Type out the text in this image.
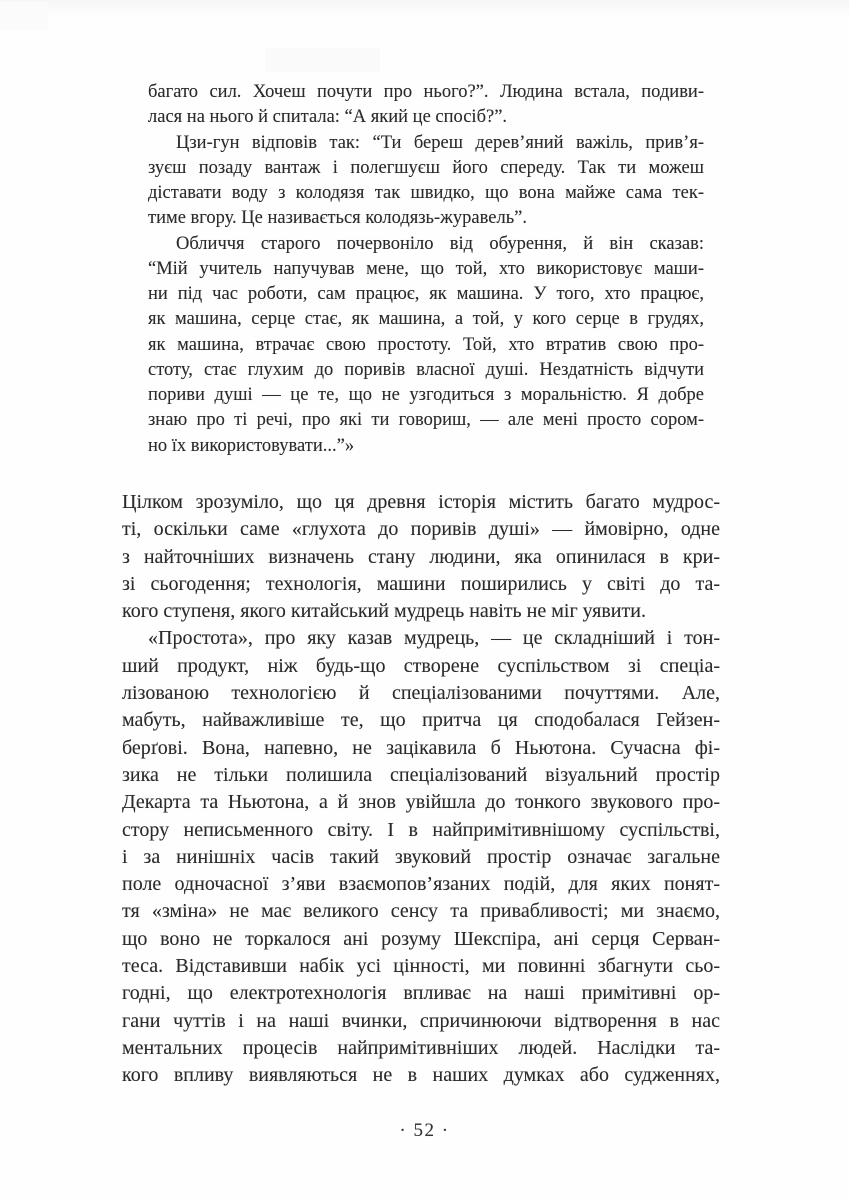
багато сил. Хочеш почути про нього?”. Людина встала, подиви-
лася на нього й спитала: “А який це спосіб?”.
Цзи-гун відповів так: “Ти береш дерев’яний важіль, прив’я-
зуєш позаду вантаж і полегшуєш його спереду. Так ти можеш
діставати воду з колодязя так швидко, що вона майже сама тек-
тиме вгору. Це називається колодязь-журавель”.
Обличчя старого почервоніло від обурення, й він сказав:
“Мій учитель напучував мене, що той, хто використовує маши-
ни під час роботи, сам працює, як машина. У того, хто працює,
як машина, серце стає, як машина, а той, у кого серце в грудях,
як машина, втрачає свою простоту. Той, хто втратив свою про-
стоту, стає глухим до поривів власної душі. Нездатність відчути
пориви душі — це те, що не узгодиться з моральністю. Я добре
знаю про ті речі, про які ти говориш, — але мені просто сором-
но їх використовувати...”»
Цілком зрозуміло, що ця древня історія містить багато мудрос-
ті, оскільки саме «глухота до поривів душі» — ймовірно, одне
з найточніших визначень стану людини, яка опинилася в кри-
зі сьогодення; технологія, машини поширились у світі до та-
кого ступеня, якого китайський мудрець навіть не міг уявити.
«Простота», про яку казав мудрець, — це складніший і тон-
ший продукт, ніж будь-що створене суспільством зі спеціа-
лізованою технологією й спеціалізованими почуттями. Але,
мабуть, найважливіше те, що притча ця сподобалася Гейзен-
берґові. Вона, напевно, не зацікавила б Ньютона. Сучасна фі-
зика не тільки полишила спеціалізований візуальний простір
Декарта та Ньютона, а й знов увійшла до тонкого звукового про-
стору неписьменного світу. І в найпримітивнішому суспільстві,
і за нинішніх часів такий звуковий простір означає загальне
поле одночасної з’яви взаємопов’язаних подій, для яких понят-
тя «зміна» не має великого сенсу та привабливості; ми знаємо,
що воно не торкалося ані розуму Шекспіра, ані серця Серван-
теса. Відставивши набік усі цінності, ми повинні збагнути сьо-
годні, що електротехнологія впливає на наші примітивні ор-
гани чуттів і на наші вчинки, спричинюючи відтворення в нас
ментальних процесів найпримітивніших людей. Наслідки та-
кого впливу виявляються не в наших думках або судженнях,
· 52 ·
